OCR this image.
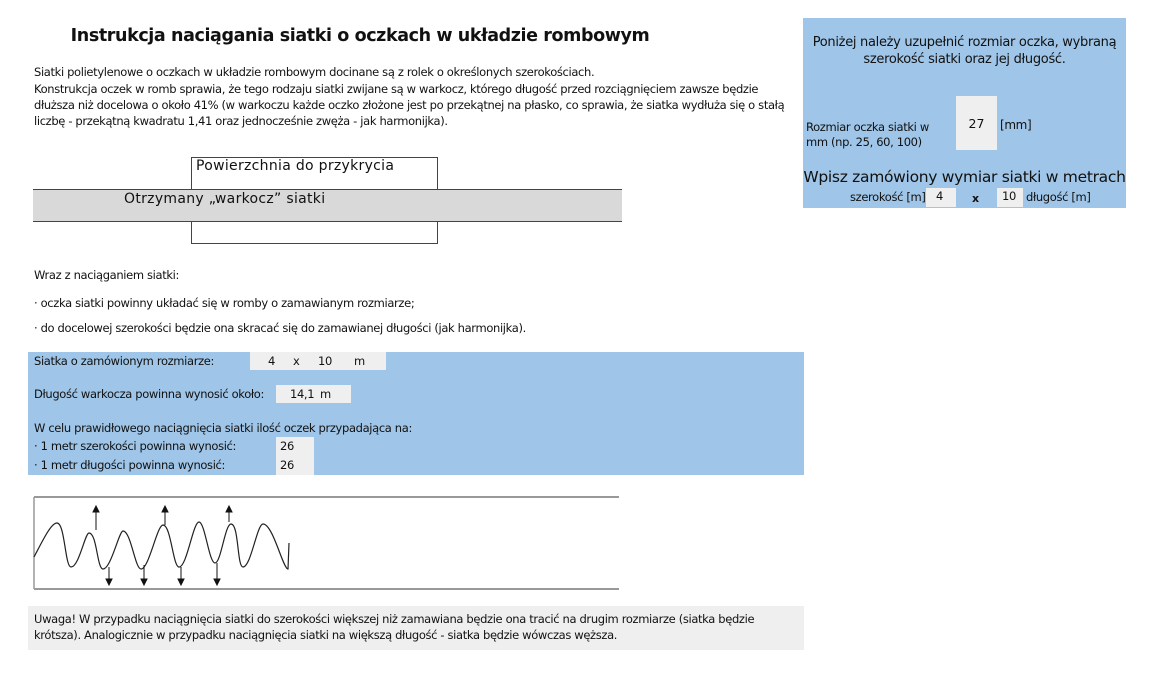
Instrukcja naciągania siatki o oczkach w układzie rombowym
Siatki polietylenowe o oczkach w układzie rombowym docinane są z rolek o określonych szerokościach.
Konstrukcja oczek w romb sprawia, że tego rodzaju siatki zwijane są w warkocz, którego długość przed rozciągnięciem zawsze będzie
dłuższa niż docelowa o około 41% (w warkoczu każde oczko złożone jest po przekątnej na płasko, co sprawia, że siatka wydłuża się o stałą
liczbę - przekątną kwadratu 1,41 oraz jednocześnie zwęża - jak harmonijka).
Powierzchnia do przykrycia
Otrzymany „warkocz” siatki
Wraz z naciąganiem siatki:
· oczka siatki powinny układać się w romby o zamawianym rozmiarze;
· do docelowej szerokości będzie ona skracać się do zamawianej długości (jak harmonijka).
Siatka o zamówionym rozmiarze:	4 x 10 m
Długość warkocza powinna wynosić około: 14,1 m
W celu prawidłowego naciągnięcia siatki ilość oczek przypadająca na:
· 1 metr szerokości powinna wynosić:	26
· 1 metr długości powinna wynosić:	26
Uwaga! W przypadku naciągnięcia siatki do szerokości większej niż zamawiana będzie ona tracić na drugim rozmiarze (siatka będzie
krótsza). Analogicznie w przypadku naciągnięcia siatki na większą długość - siatka będzie wówczas węższa.
Poniżej należy uzupełnić rozmiar oczka, wybraną
szerokość siatki oraz jej długość.
Rozmiar oczka siatki w
mm (np. 25, 60, 100)
27	[mm]
Wpisz zamówiony wymiar siatki w metrach
szerokość [m] 4	x	10 długość [m]
